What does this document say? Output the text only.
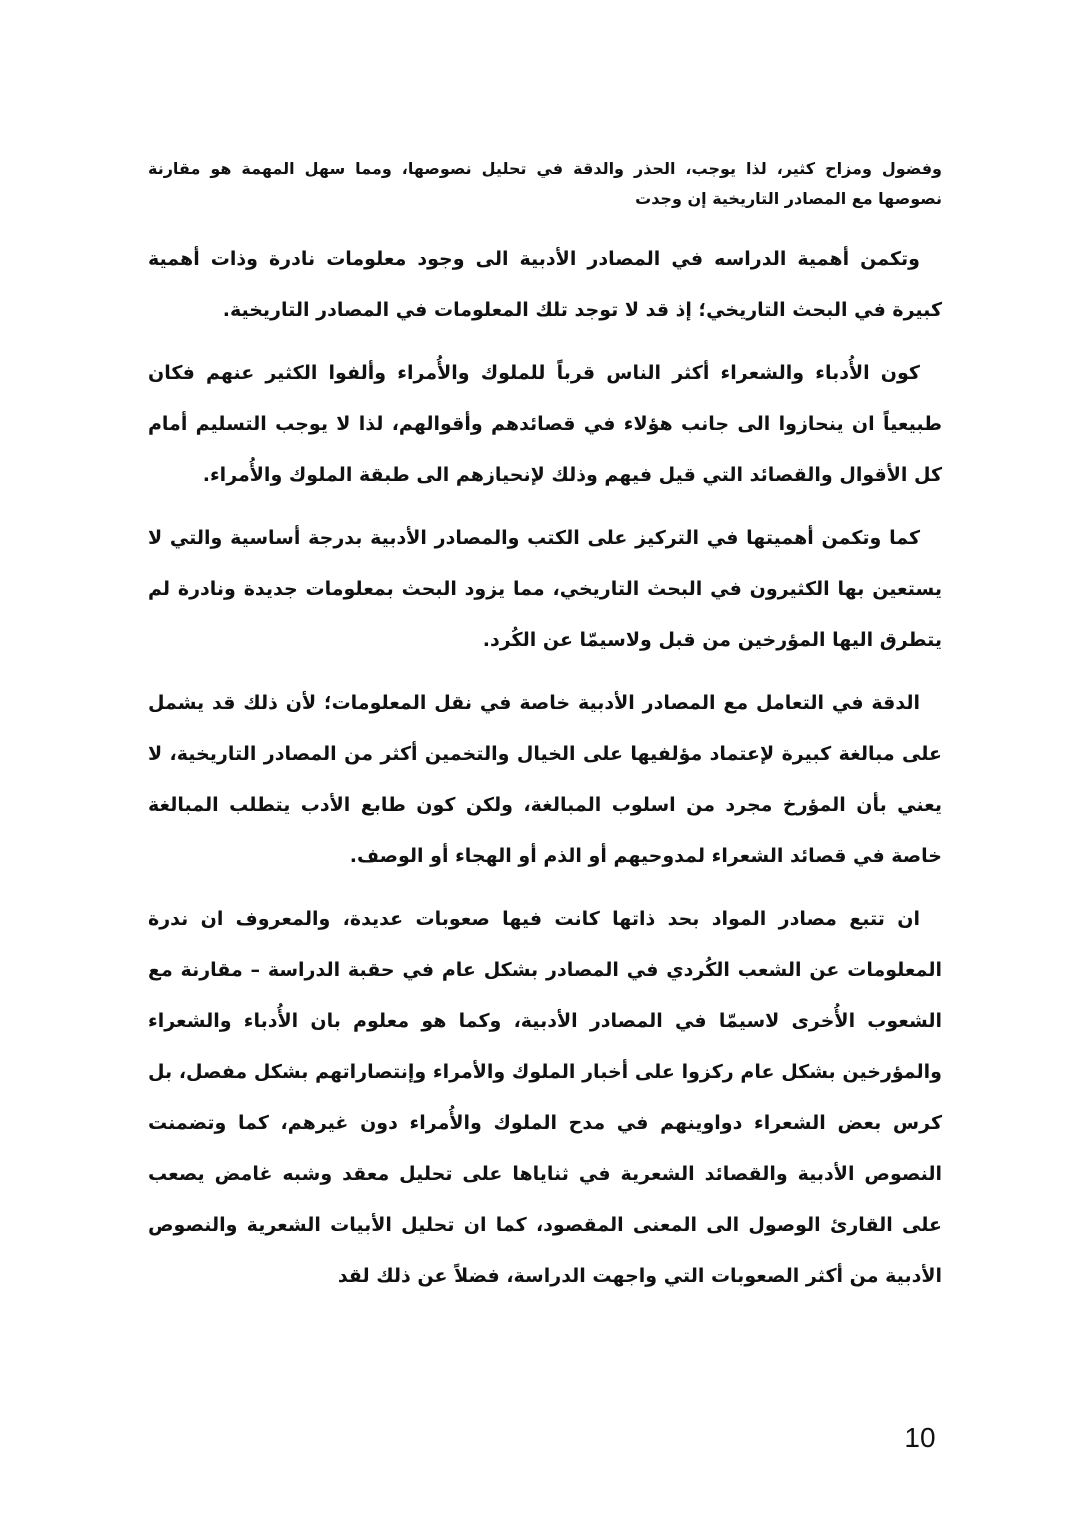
وفضول ومزاح كثير، لذا يوجب، الحذر والدقة في تحليل نصوصها، ومما سهل المهمة هو مقارنة نصوصها مع المصادر التاريخية إن وجدت

وتكمن أهمية الدراسه في المصادر الأدبية الى وجود معلومات نادرة وذات أهمية كبيرة في البحث التاريخي؛ إذ قد لا توجد تلك المعلومات في المصادر التاريخية.

كون الأُدباء والشعراء أكثر الناس قرباً للملوك والأُمراء وألفوا الكثير عنهم فكان طبيعياً ان ينحازوا الى جانب هؤلاء في قصائدهم وأقوالهم، لذا لا يوجب التسليم أمام كل الأقوال والقصائد التي قيل فيهم وذلك لإنحيازهم الى طبقة الملوك والأُمراء.

كما وتكمن أهميتها في التركيز على الكتب والمصادر الأدبية بدرجة أساسية والتي لا يستعين بها الكثيرون في البحث التاريخي، مما يزود البحث بمعلومات جديدة ونادرة لم يتطرق اليها المؤرخين من قبل ولاسيمّا عن الكُرد.

الدقة في التعامل مع المصادر الأدبية خاصة في نقل المعلومات؛ لأن ذلك قد يشمل على مبالغة كبيرة لإعتماد مؤلفيها على الخيال والتخمين أكثر من المصادر التاريخية، لا يعني بأن المؤرخ مجرد من اسلوب المبالغة، ولكن كون طابع الأدب يتطلب المبالغة خاصة في قصائد الشعراء لمدوحيهم أو الذم أو الهجاء أو الوصف.

ان تتبع مصادر المواد بحد ذاتها كانت فيها صعوبات عديدة، والمعروف ان ندرة المعلومات عن الشعب الكُردي في المصادر بشكل عام في حقبة الدراسة – مقارنة مع الشعوب الأُخرى لاسيمّا في المصادر الأدبية، وكما هو معلوم بان الأُدباء والشعراء والمؤرخين بشكل عام ركزوا على أخبار الملوك والأمراء وإنتصاراتهم بشكل مفصل، بل كرس بعض الشعراء دواوينهم في مدح الملوك والأُمراء دون غيرهم، كما وتضمنت النصوص الأدبية والقصائد الشعرية في ثناياها على تحليل معقد وشبه غامض يصعب على القارئ الوصول الى المعنى المقصود، كما ان تحليل الأبيات الشعرية والنصوص الأدبية من أكثر الصعوبات التي واجهت الدراسة، فضلاً عن ذلك لقد

10
